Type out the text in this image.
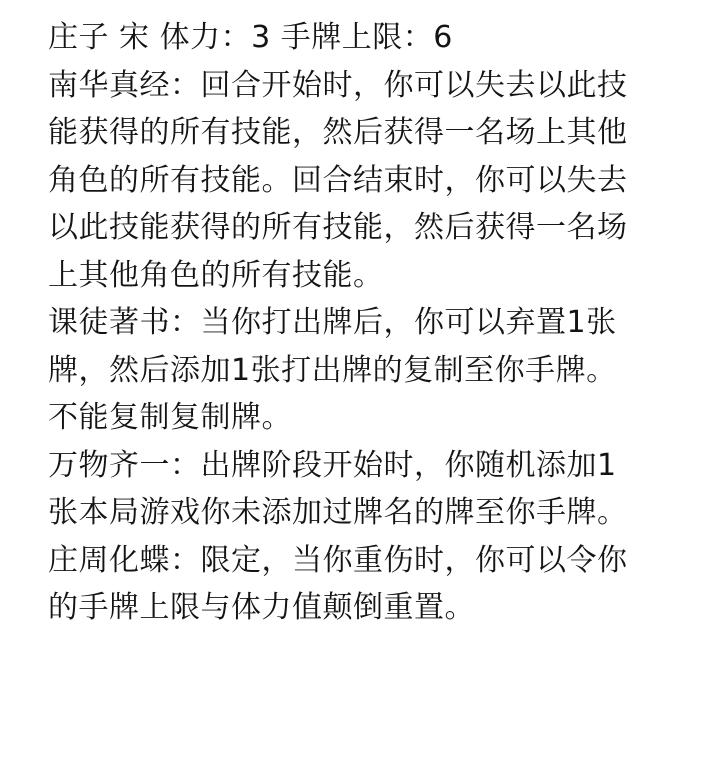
庄子 宋 体力：3 手牌上限：6
南华真经：回合开始时，你可以失去以此技
能获得的所有技能，然后获得一名场上其他
角色的所有技能。回合结束时，你可以失去
以此技能获得的所有技能，然后获得一名场
上其他角色的所有技能。
课徒著书：当你打出牌后，你可以弃置1张
牌，然后添加1张打出牌的复制至你手牌。
不能复制复制牌。
万物齐一：出牌阶段开始时，你随机添加1
张本局游戏你未添加过牌名的牌至你手牌。
庄周化蝶：限定，当你重伤时，你可以令你
的手牌上限与体力值颠倒重置。
